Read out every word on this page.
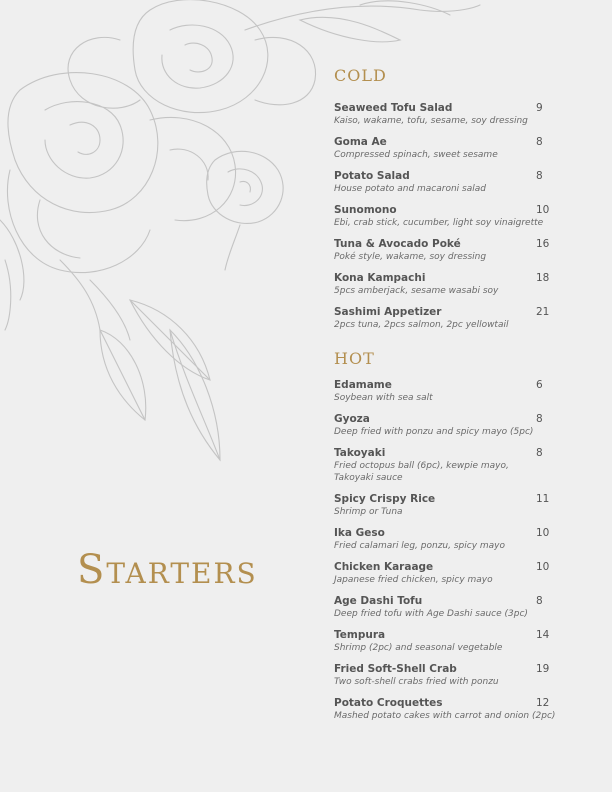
Starters
COLD
Seaweed Tofu Salad	9
Kaiso, wakame, tofu, sesame, soy dressing
Goma Ae	8
Compressed spinach, sweet sesame
Potato Salad	8
House potato and macaroni salad
Sunomono	10
Ebi, crab stick, cucumber, light soy vinaigrette
Tuna & Avocado Poké	16
Poké style, wakame, soy dressing
Kona Kampachi	18
5pcs amberjack, sesame wasabi soy
Sashimi Appetizer	21
2pcs tuna, 2pcs salmon, 2pc yellowtail
HOT
Edamame	6
Soybean with sea salt
Gyoza	8
Deep fried with ponzu and spicy mayo (5pc)
Takoyaki	8
Fried octopus ball (6pc), kewpie mayo, Takoyaki sauce
Spicy Crispy Rice	11
Shrimp or Tuna
Ika Geso	10
Fried calamari leg, ponzu, spicy mayo
Chicken Karaage	10
Japanese fried chicken, spicy mayo
Age Dashi Tofu	8
Deep fried tofu with Age Dashi sauce (3pc)
Tempura	14
Shrimp (2pc) and seasonal vegetable
Fried Soft-Shell Crab	19
Two soft-shell crabs fried with ponzu
Potato Croquettes	12
Mashed potato cakes with carrot and onion (2pc)
